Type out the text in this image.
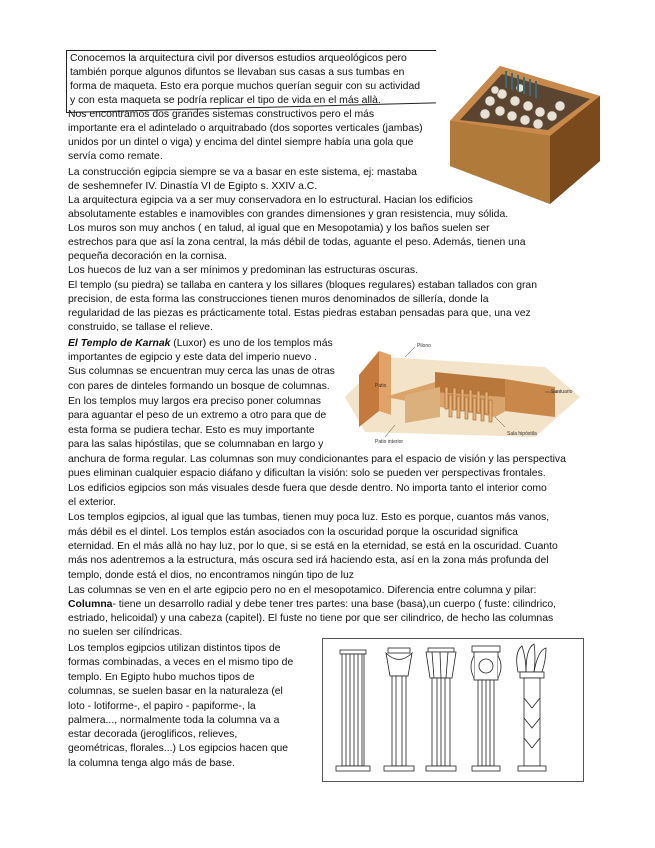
Conocemos la arquitectura civil por diversos estudios arqueológicos pero
también porque algunos difuntos se llevaban sus casas a sus tumbas en
forma de maqueta. Esto era porque muchos querían seguir con su actividad
y con esta maqueta se podría replicar el tipo de vida en el más allà.
Nos encontramos dos grandes sistemas constructivos pero el más
importante era el adintelado o arquitrabado (dos soportes verticales (jambas)
unidos por un dintel o viga) y encima del dintel siempre había una gola que
servía como remate.
La construcción egipcia siempre se va a basar en este sistema, ej: mastaba
de seshemnefer IV. Dinastía VI de Egipto s. XXIV a.C.
La arquitectura egipcia va a ser muy conservadora en lo estructural. Hacian los edificios
absolutamente estables e inamovibles con grandes dimensiones y gran resistencia, muy sólida.
Los muros son muy anchos ( en talud, al igual que en Mesopotamia) y los baños suelen ser
estrechos para que así la zona central, la más débil de todas, aguante el peso. Además, tienen una
pequeña decoración en la cornisa.
Los huecos de luz van a ser mínimos y predominan las estructuras oscuras.
El templo (su piedra) se tallaba en cantera y los sillares (bloques regulares) estaban tallados con gran
precision, de esta forma las construcciones tienen muros denominados de sillería, donde la
regularidad de las piezas es prácticamente total. Estas piedras estaban pensadas para que, una vez
construido, se tallase el relieve.
El Templo de Karnak (Luxor) es uno de los templos más
importantes de egipcio y este data del imperio nuevo .
Sus columnas se encuentran muy cerca las unas de otras
con pares de dinteles formando un bosque de columnas.
En los templos muy largos era preciso poner columnas
para aguantar el peso de un extremo a otro para que de
esta forma se pudiera techar. Esto es muy importante
para las salas hipóstilas, que se columnaban en largo y
Pilono
Sala hipóstila
Santuario
Patio
Patio interior
anchura de forma regular. Las columnas son muy condicionantes para el espacio de visión y las perspectiva
pues eliminan cualquier espacio diáfano y dificultan la visión: solo se pueden ver perspectivas frontales.
Los edificios egipcios son más visuales desde fuera que desde dentro. No importa tanto el interior como
el exterior.
Los templos egipcios, al igual que las tumbas, tienen muy poca luz. Esto es porque, cuantos más vanos,
más débil es el dintel. Los templos están asociados con la oscuridad porque la oscuridad significa
eternidad. En el más allà no hay luz, por lo que, si se está en la eternidad, se está en la oscuridad. Cuanto
más nos adentremos a la estructura, más oscura sed irá haciendo esta, así en la zona más profunda del
templo, donde está el dios, no encontramos ningún tipo de luz
Las columnas se ven en el arte egipcio pero no en el mesopotamico. Diferencia entre columna y pilar:
Columna- tiene un desarrollo radial y debe tener tres partes: una base (basa),un cuerpo ( fuste: cilindrico,
estriado, helicoidal) y una cabeza (capitel). El fuste no tiene por que ser cilindrico, de hecho las columnas
no suelen ser cilíndricas.
Los templos egipcios utilizan distintos tipos de
formas combinadas, a veces en el mismo tipo de
templo. En Egipto hubo muchos tipos de
columnas, se suelen basar en la naturaleza (el
loto - lotiforme-, el papiro - papiforme-, la
palmera..., normalmente toda la columna va a
estar decorada (jeroglificos, relieves,
geométricas, florales...) Los egipcios hacen que
la columna tenga algo más de base.
